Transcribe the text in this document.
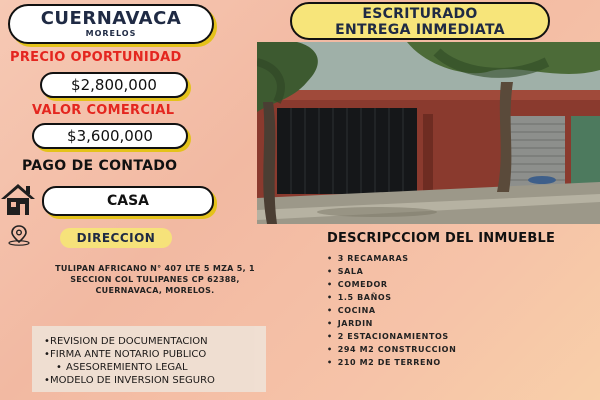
CUERNAVACA
MORELOS
PRECIO OPORTUNIDAD
$2,800,000
VALOR COMERCIAL
$3,600,000
PAGO DE CONTADO
CASA
DIRECCION
TULIPAN AFRICANO N° 407 LTE 5 MZA 5, 1
SECCION COL TULIPANES CP 62388,
CUERNAVACA, MORELOS.
ESCRITURADO
ENTREGA INMEDIATA
DESCRIPCCIOM DEL INMUEBLE
• 3 RECAMARAS
• SALA
• COMEDOR
• 1.5 BAÑOS
• COCINA
• JARDIN
• 2 ESTACIONAMIENTOS
• 294 M2 CONSTRUCCION
• 210 M2 DE TERRENO
• REVISION DE DOCUMENTACION
• FIRMA ANTE NOTARIO PUBLICO
• ASESOREMIENTO LEGAL
• MODELO DE INVERSION SEGURO
